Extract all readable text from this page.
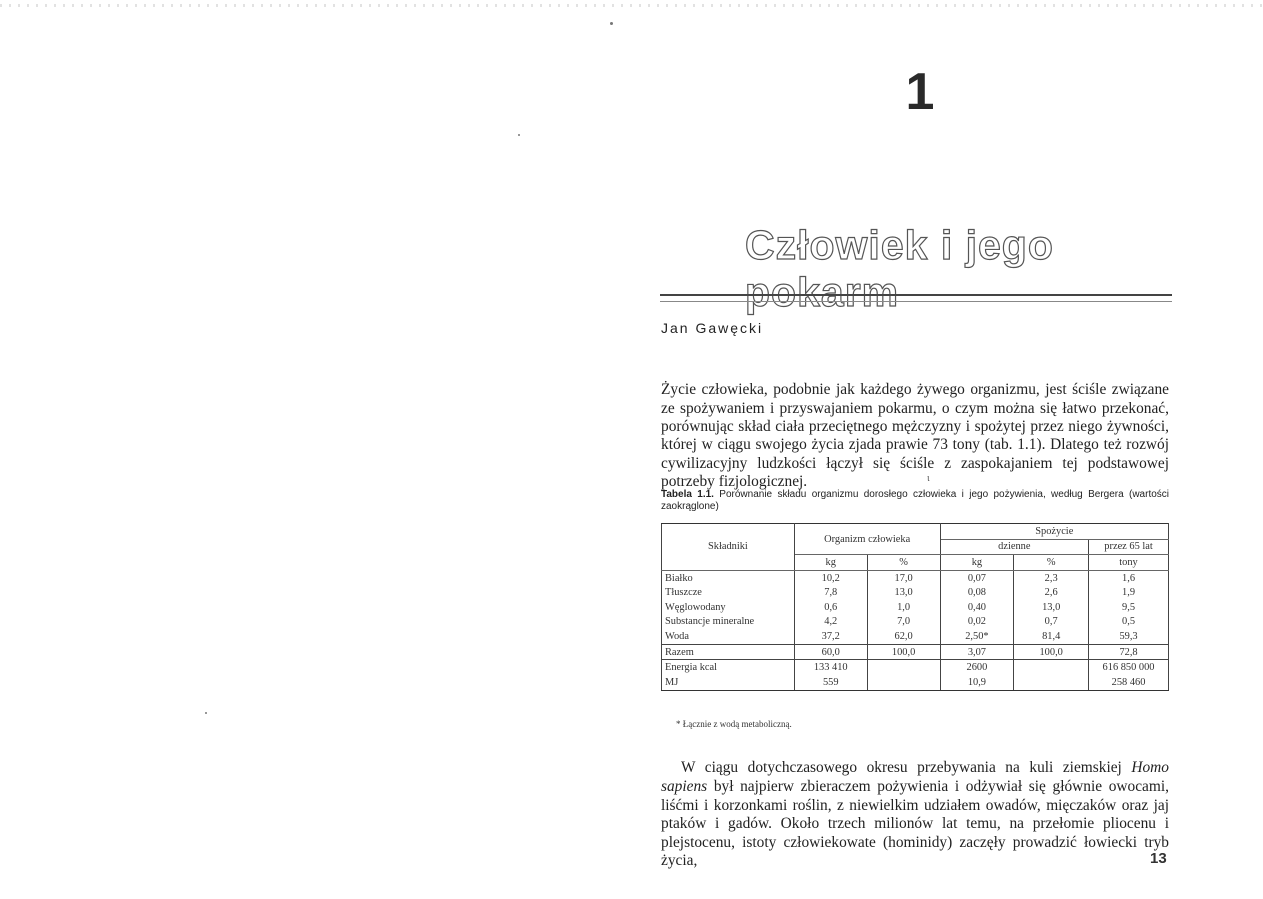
ɩ
1
Człowiek i jego pokarm
Jan Gawęcki

Życie człowieka, podobnie jak każdego żywego organizmu, jest ściśle związane ze spożywaniem i przyswajaniem pokarmu, o czym można się łatwo przekonać, porównując skład ciała przeciętnego mężczyzny i spożytej przez niego żywności, której w ciągu swojego życia zjada prawie 73 tony (tab. 1.1). Dlatego też rozwój cywilizacyjny ludzkości łączył się ściśle z zaspokajaniem tej podstawowej potrzeby fizjologicznej.

Tabela 1.1. Porównanie składu organizmu dorosłego człowieka i jego pożywienia, według Bergera (wartości zaokrąglone)
Składniki	Organizm człowieka		Spożycie		
			dzienne		przez 65 lat
	kg	%	kg	%	tony
Białko	10,2	17,0	0,07	2,3	1,6
Tłuszcze	7,8	13,0	0,08	2,6	1,9
Węglowodany	0,6	1,0	0,40	13,0	9,5
Substancje mineralne	4,2	7,0	0,02	0,7	0,5
Woda	37,2	62,0	2,50*	81,4	59,3
Razem	60,0	100,0	3,07	100,0	72,8
Energia kcal	133 410		2600		616 850 000
MJ	559		10,9		258 460
* Łącznie z wodą metaboliczną.

W ciągu dotychczasowego okresu przebywania na kuli ziemskiej Homo sapiens był najpierw zbieraczem pożywienia i odżywiał się głównie owocami, liśćmi i korzonkami roślin, z niewielkim udziałem owadów, mięczaków oraz jaj ptaków i gadów. Około trzech milionów lat temu, na przełomie pliocenu i plejstocenu, istoty człowiekowate (hominidy) zaczęły prowadzić łowiecki tryb życia,	13
